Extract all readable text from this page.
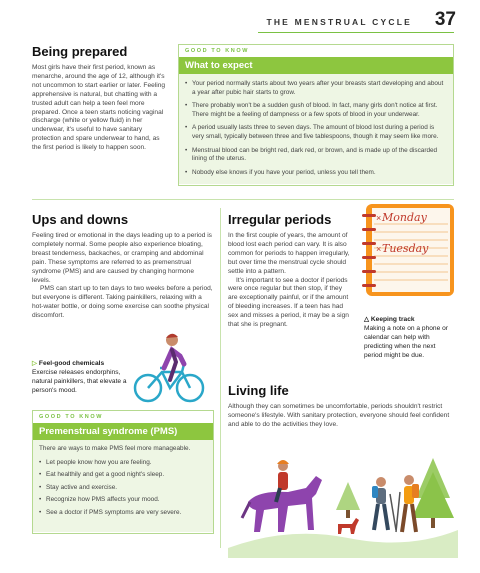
THE MENSTRUAL CYCLE 37
Being prepared

Most girls have their first period, known as menarche, around the age of 12, although it's not uncommon to start earlier or later. Feeling apprehensive is natural, but chatting with a trusted adult can help a teen feel more prepared. Once a teen starts noticing vaginal discharge (white or yellow fluid) in her underwear, it's useful to have sanitary protection and spare underwear to hand, as the first period is likely to happen soon.

GOOD TO KNOW
What to expect
• Your period normally starts about two years after your breasts start developing and about a year after pubic hair starts to grow.
• There probably won't be a sudden gush of blood. In fact, many girls don't notice at first. There might be a feeling of dampness or a few spots of blood in your underwear.
• A period usually lasts three to seven days. The amount of blood lost during a period is very small, typically between three and five tablespoons, though it may seem like more.
• Menstrual blood can be bright red, dark red, or brown, and is made up of the discarded lining of the uterus.
• Nobody else knows if you have your period, unless you tell them.
Ups and downs

Feeling tired or emotional in the days leading up to a period is completely normal. Some people also experience bloating, breast tenderness, backaches, or cramping and abdominal pain. These symptoms are referred to as premenstrual syndrome (PMS) and are caused by changing hormone levels.

PMS can start up to ten days to two weeks before a period, but everyone is different. Taking painkillers, relaxing with a hot-water bottle, or doing some exercise can soothe physical discomfort.

▷ Feel-good chemicals
Exercise releases endorphins, natural painkillers, that elevate a person's mood.
GOOD TO KNOW
Premenstrual syndrome (PMS)

There are ways to make PMS feel more manageable.

• Let people know how you are feeling.
• Eat healthily and get a good night's sleep.
• Stay active and exercise.
• Recognize how PMS affects your mood.
• See a doctor if PMS symptoms are very severe.
Irregular periods

In the first couple of years, the amount of blood lost each period can vary. It is also common for periods to happen irregularly, but over time the menstrual cycle should settle into a pattern.

It's important to see a doctor if periods were once regular but then stop, if they are exceptionally painful, or if the amount of bleeding increases. If a teen has had sex and misses a period, it may be a sign that she is pregnant.

Monday
Tuesday
×
×
△ Keeping track
Making a note on a phone or calendar can help with predicting when the next period might be due.
Living life

Although they can sometimes be uncomfortable, periods shouldn't restrict someone's lifestyle. With sanitary protection, everyone should feel confident and able to do the activities they love.
